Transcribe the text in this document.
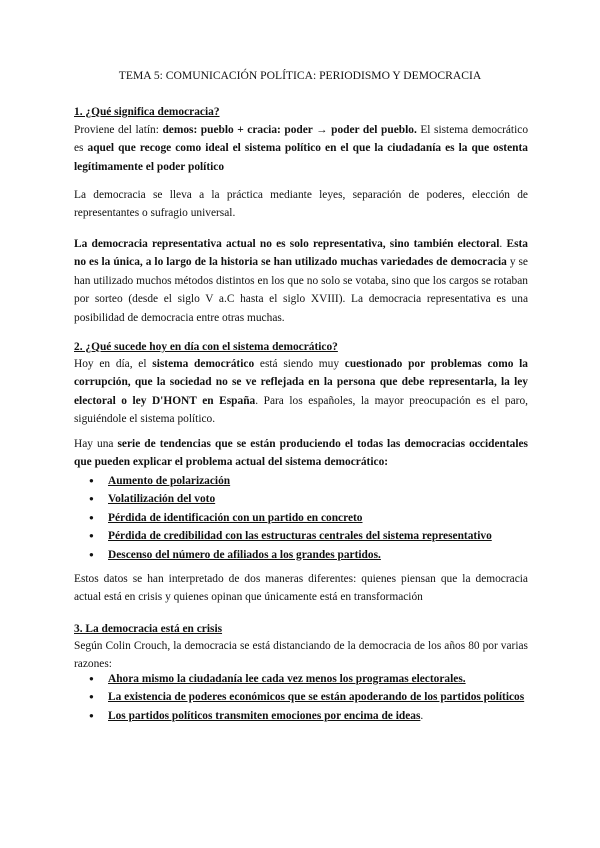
TEMA 5: COMUNICACIÓN POLÍTICA: PERIODISMO Y DEMOCRACIA
1. ¿Qué significa democracia?
Proviene del latín: demos: pueblo + cracia: poder → poder del pueblo. El sistema democrático es aquel que recoge como ideal el sistema político en el que la ciudadanía es la que ostenta legítimamente el poder político
La democracia se lleva a la práctica mediante leyes, separación de poderes, elección de representantes o sufragio universal.
La democracia representativa actual no es solo representativa, sino también electoral. Esta no es la única, a lo largo de la historia se han utilizado muchas variedades de democracia y se han utilizado muchos métodos distintos en los que no solo se votaba, sino que los cargos se rotaban por sorteo (desde el siglo V a.C hasta el siglo XVIII). La democracia representativa es una posibilidad de democracia entre otras muchas.
2. ¿Qué sucede hoy en día con el sistema democrático?
Hoy en día, el sistema democrático está siendo muy cuestionado por problemas como la corrupción, que la sociedad no se ve reflejada en la persona que debe representarla, la ley electoral o ley D'HONT en España. Para los españoles, la mayor preocupación es el paro, siguiéndole el sistema político.
Hay una serie de tendencias que se están produciendo el todas las democracias occidentales que pueden explicar el problema actual del sistema democrático:
● Aumento de polarización
● Volatilización del voto
● Pérdida de identificación con un partido en concreto
● Pérdida de credibilidad con las estructuras centrales del sistema representativo
● Descenso del número de afiliados a los grandes partidos.
Estos datos se han interpretado de dos maneras diferentes: quienes piensan que la democracia actual está en crisis y quienes opinan que únicamente está en transformación
3. La democracia está en crisis
Según Colin Crouch, la democracia se está distanciando de la democracia de los años 80 por varias razones:
● Ahora mismo la ciudadanía lee cada vez menos los programas electorales.
● La existencia de poderes económicos que se están apoderando de los partidos políticos
● Los partidos políticos transmiten emociones por encima de ideas.
